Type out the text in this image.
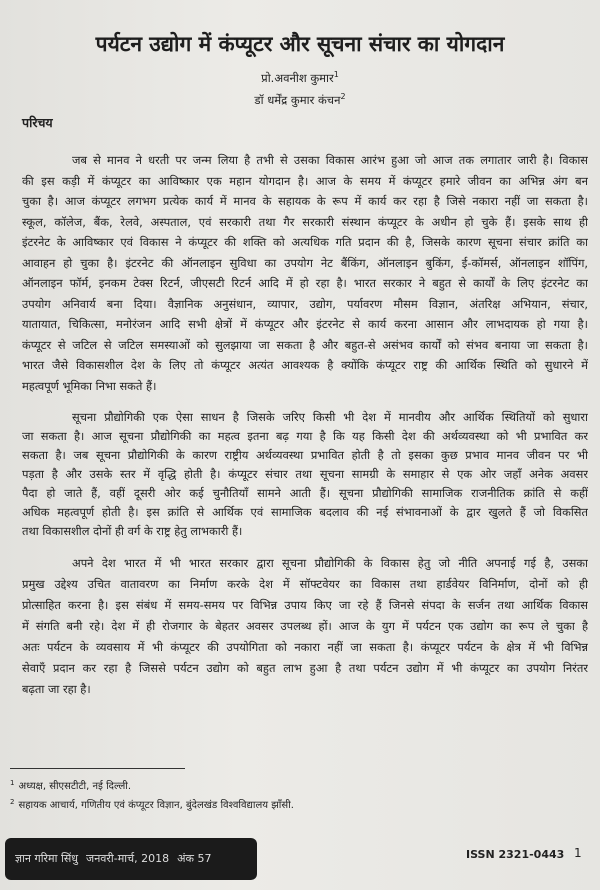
पर्यटन उद्योग में कंप्यूटर और सूचना संचार का योगदान
प्रो.अवनीश कुमार$^1$
डॉ धर्मेंद्र कुमार कंचन$^2$
परिचय
जब से मानव ने धरती पर जन्म लिया है तभी से उसका विकास आरंभ हुआ जो आज तक लगातार जारी है। विकास
की इस कड़ी में कंप्यूटर का आविष्कार एक महान योगदान है। आज के समय में कंप्यूटर हमारे जीवन का अभिन्न अंग बन
चुका है। आज कंप्यूटर लगभग प्रत्येक कार्य में मानव के सहायक के रूप में कार्य कर रहा है जिसे नकारा नहीं जा सकता है।
स्कूल, कॉलेज, बैंक, रेलवे, अस्पताल, एवं सरकारी तथा गैर सरकारी संस्थान कंप्यूटर के अधीन हो चुके हैं। इसके साथ ही
इंटरनेट के आविष्कार एवं विकास ने कंप्यूटर की शक्ति को अत्यधिक गति प्रदान की है, जिसके कारण सूचना संचार क्रांति का
आवाहन हो चुका है। इंटरनेट की ऑनलाइन सुविधा का उपयोग नेट बैंकिंग, ऑनलाइन बुकिंग, ई-कॉमर्स, ऑनलाइन शॉपिंग,
ऑनलाइन फॉर्म, इनकम टेक्स रिटर्न, जीएसटी रिटर्न आदि में हो रहा है। भारत सरकार ने बहुत से कार्यों के लिए इंटरनेट का
उपयोग अनिवार्य बना दिया। वैज्ञानिक अनुसंधान, व्यापार, उद्योग, पर्यावरण मौसम विज्ञान, अंतरिक्ष अभियान, संचार,
यातायात, चिकित्सा, मनोरंजन आदि सभी क्षेत्रों में कंप्यूटर और इंटरनेट से कार्य करना आसान और लाभदायक हो गया है।
कंप्यूटर से जटिल से जटिल समस्याओं को सुलझाया जा सकता है और बहुत-से असंभव कार्यों को संभव बनाया जा सकता है।
भारत जैसे विकासशील देश के लिए तो कंप्यूटर अत्यंत आवश्यक है क्योंकि कंप्यूटर राष्ट्र की आर्थिक स्थिति को सुधारने में
महत्वपूर्ण भूमिका निभा सकते हैं।
सूचना प्रौद्योगिकी एक ऐसा साधन है जिसके जरिए किसी भी देश में मानवीय और आर्थिक स्थितियों को सुधारा
जा सकता है। आज सूचना प्रौद्योगिकी का महत्व इतना बढ़ गया है कि यह किसी देश की अर्थव्यवस्था को भी प्रभावित कर
सकता है। जब सूचना प्रौद्योगिकी के कारण राष्ट्रीय अर्थव्यवस्था प्रभावित होती है तो इसका कुछ प्रभाव मानव जीवन पर भी
पड़ता है और उसके स्तर में वृद्धि होती है। कंप्यूटर संचार तथा सूचना सामग्री के समाहार से एक ओर जहाँ अनेक अवसर
पैदा हो जाते हैं, वहीं दूसरी ओर कई चुनौतियाँ सामने आती हैं। सूचना प्रौद्योगिकी सामाजिक राजनीतिक क्रांति से कहीं
अधिक महत्वपूर्ण होती है। इस क्रांति से आर्थिक एवं सामाजिक बदलाव की नई संभावनाओं के द्वार खुलते हैं जो विकसित
तथा विकासशील दोनों ही वर्ग के राष्ट्र हेतु लाभकारी हैं।
अपने देश भारत में भी भारत सरकार द्वारा सूचना प्रौद्योगिकी के विकास हेतु जो नीति अपनाई गई है, उसका
प्रमुख उद्देश्य उचित वातावरण का निर्माण करके देश में सॉफ्टवेयर का विकास तथा हार्डवेयर विनिर्माण, दोनों को ही
प्रोत्साहित करना है। इस संबंध में समय-समय पर विभिन्न उपाय किए जा रहे हैं जिनसे संपदा के सर्जन तथा आर्थिक विकास
में संगति बनी रहे। देश में ही रोजगार के बेहतर अवसर उपलब्ध हों। आज के युग में पर्यटन एक उद्योग का रूप ले चुका है
अतः पर्यटन के व्यवसाय में भी कंप्यूटर की उपयोगिता को नकारा नहीं जा सकता है। कंप्यूटर पर्यटन के क्षेत्र में भी विभिन्न
सेवाएँ प्रदान कर रहा है जिससे पर्यटन उद्योग को बहुत लाभ हुआ है तथा पर्यटन उद्योग में भी कंप्यूटर का उपयोग निरंतर
बढ़ता जा रहा है।
$^1$ अध्यक्ष, सीएसटीटी, नई दिल्ली.
$^2$ सहायक आचार्य, गणितीय एवं कंप्यूटर विज्ञान, बुंदेलखंड विश्वविद्यालय झाँसी.
ज्ञान गरिमा सिंधु जनवरी-मार्च, 2018 अंक 57	ISSN 2321-0443 1
